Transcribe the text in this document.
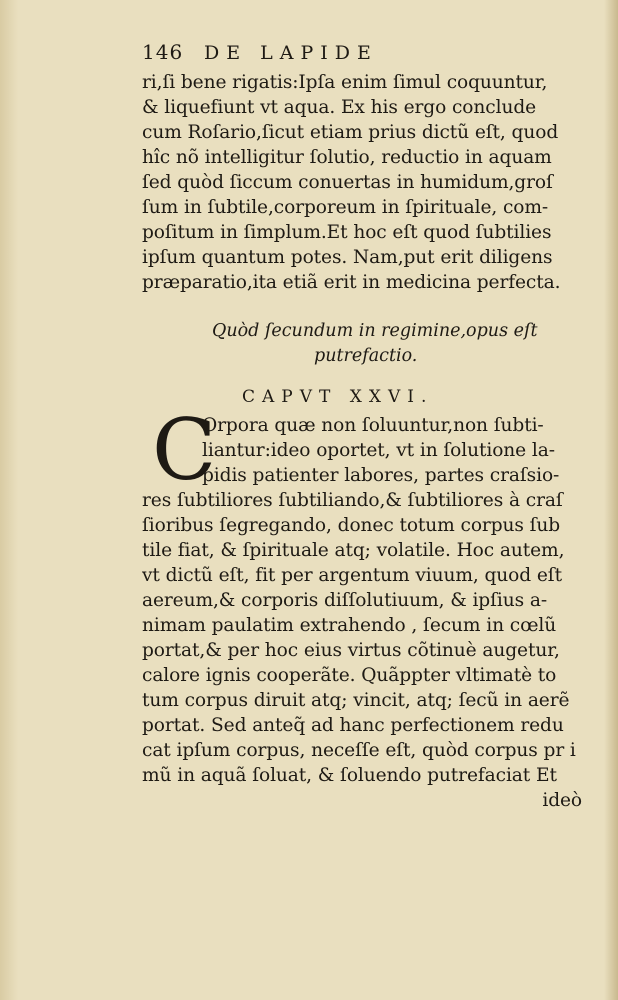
146	DE LAPIDE
ri,ſi bene rigatis:Ipſa enim ſimul coquuntur,
& liquefiunt vt aqua. Ex his ergo conclude
cum Roſario,ſicut etiam prius dictũ eſt, quod
hîc nõ intelligitur ſolutio, reductio in aquam
ſed quòd ſiccum conuertas in humidum,groſ
ſum in ſubtile,corporeum in ſpirituale, com-
poſitum in ſimplum.Et hoc eſt quod ſubtilies
ipſum quantum potes. Nam,put erit diligens
præparatio,ita etiã erit in medicina perfecta.
Quòd ſecundum in regimine,opus eſt
putrefactio.
CAPVT XXVI.
C
Orpora quæ non ſoluuntur,non ſubti-
liantur:ideo oportet, vt in ſolutione la-
pidis patienter labores, partes craſsio-
res ſubtiliores ſubtiliando,& ſubtiliores à craſ
ſioribus ſegregando, donec totum corpus ſub
tile fiat, & ſpirituale atq; volatile. Hoc autem,
vt dictũ eſt, fit per argentum viuum, quod eſt
aereum,& corporis diſſolutiuum, & ipſius a-
nimam paulatim extrahendo , ſecum in cœlũ
portat,& per hoc eius virtus cõtinuè augetur,
calore ignis cooperãte. Quãppter vltimatè to
tum corpus diruit atq; vincit, atq; ſecũ in aerẽ
portat. Sed anteq̃ ad hanc perfectionem redu
cat ipſum corpus, neceſſe eſt, quòd corpus pr i
mũ in aquã ſoluat, & ſoluendo putrefaciat Et
ideò
